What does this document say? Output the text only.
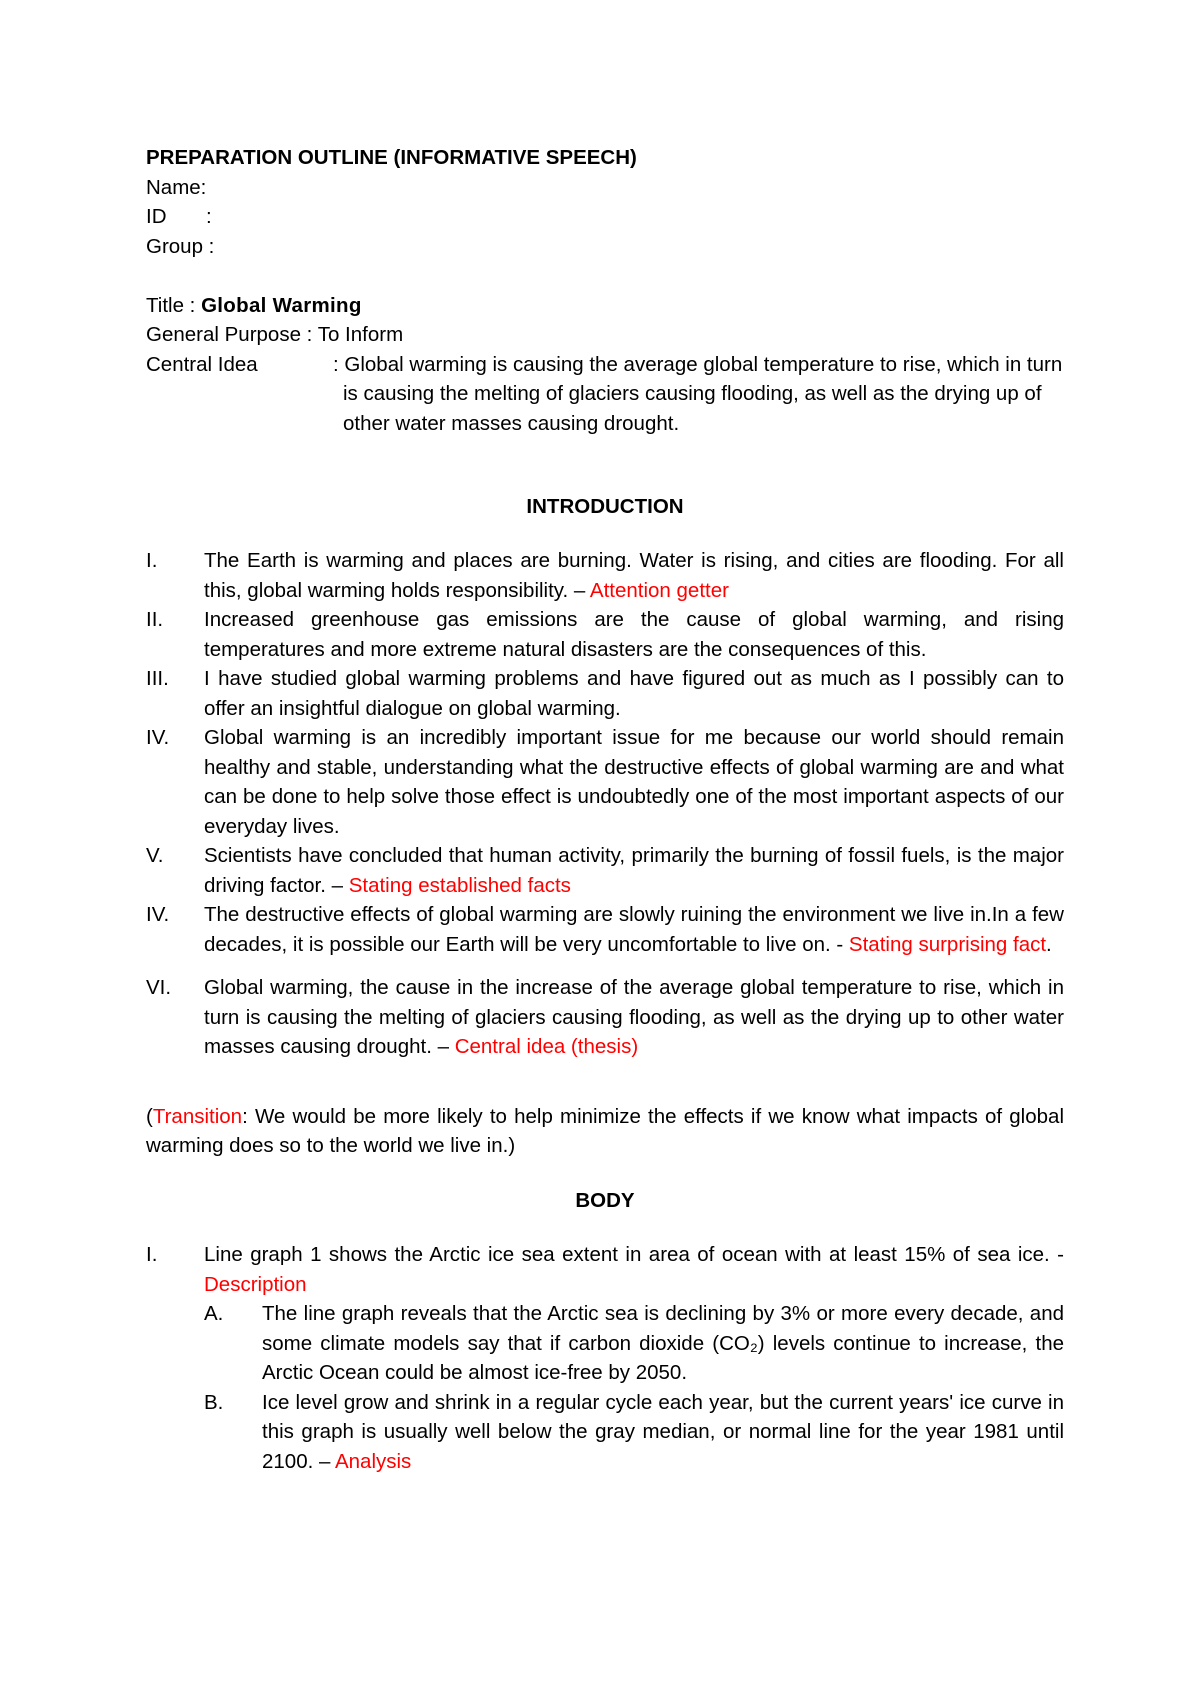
PREPARATION OUTLINE (INFORMATIVE SPEECH)
Name:
ID :
Group :
Title : Global Warming
General Purpose : To Inform
Central Idea	: Global warming is causing the average global temperature to rise, which in turn is causing the melting of glaciers causing flooding, as well as the drying up of other water masses causing drought.
INTRODUCTION
I.	The Earth is warming and places are burning. Water is rising, and cities are flooding. For all this, global warming holds responsibility. – Attention getter
II.	Increased greenhouse gas emissions are the cause of global warming, and rising temperatures and more extreme natural disasters are the consequences of this.
III.	I have studied global warming problems and have figured out as much as I possibly can to offer an insightful dialogue on global warming.
IV.	Global warming is an incredibly important issue for me because our world should remain healthy and stable, understanding what the destructive effects of global warming are and what can be done to help solve those effect is undoubtedly one of the most important aspects of our everyday lives.
V.	Scientists have concluded that human activity, primarily the burning of fossil fuels, is the major driving factor. – Stating established facts
IV.	The destructive effects of global warming are slowly ruining the environment we live in.In a few decades, it is possible our Earth will be very uncomfortable to live on. - Stating surprising fact.
VI.	Global warming, the cause in the increase of the average global temperature to rise, which in turn is causing the melting of glaciers causing flooding, as well as the drying up to other water masses causing drought. – Central idea (thesis)
(Transition: We would be more likely to help minimize the effects if we know what impacts of global warming does so to the world we live in.)
BODY
I.	Line graph 1 shows the Arctic ice sea extent in area of ocean with at least 15% of sea ice. - Description
A.	The line graph reveals that the Arctic sea is declining by 3% or more every decade, and some climate models say that if carbon dioxide (CO₂) levels continue to increase, the Arctic Ocean could be almost ice-free by 2050.
B.	Ice level grow and shrink in a regular cycle each year, but the current years' ice curve in this graph is usually well below the gray median, or normal line for the year 1981 until 2100. – Analysis
